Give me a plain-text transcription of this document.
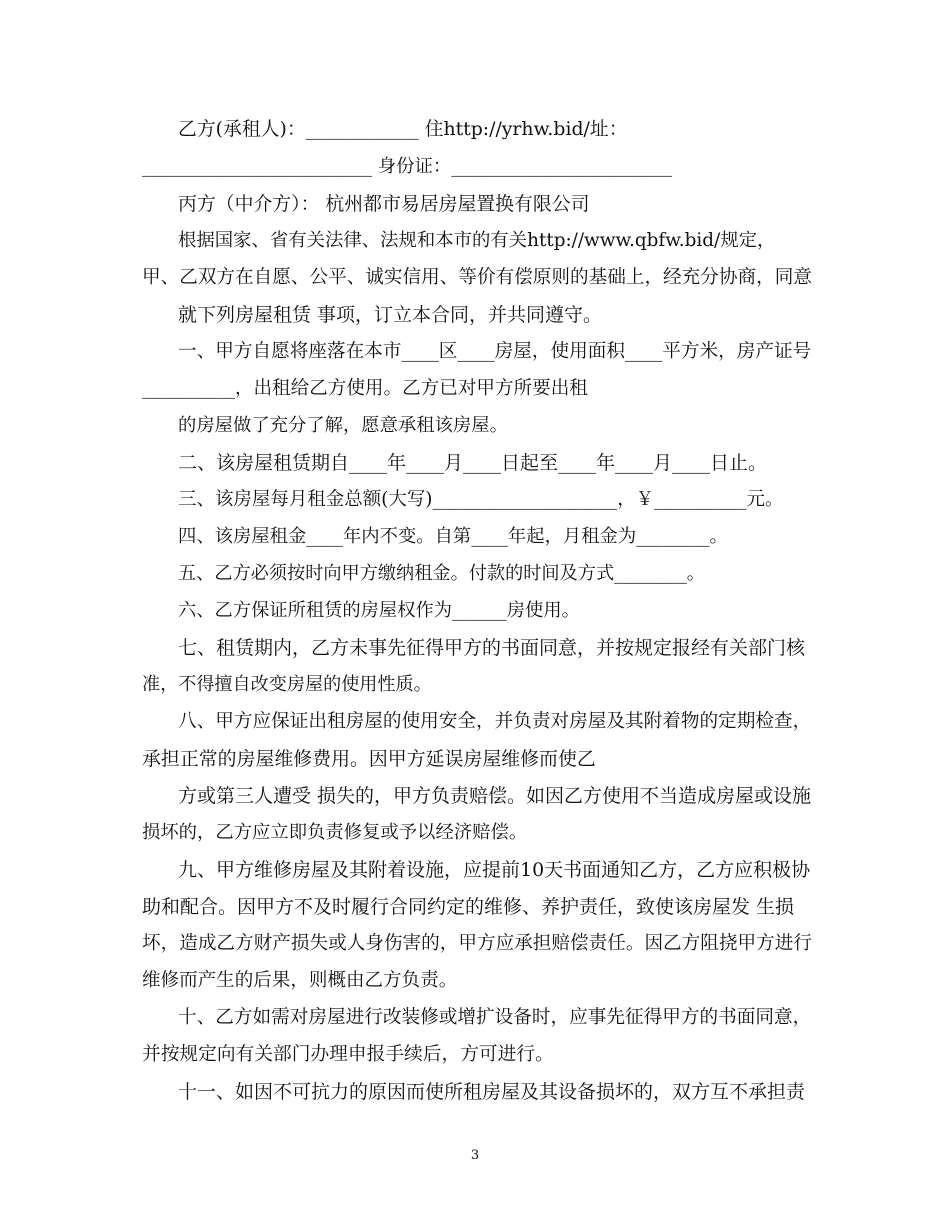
乙方(承租人)：____________ 住http://yrhw.bid/址：
_________________________ 身份证：________________________
丙方（中介方）： 杭州都市易居房屋置换有限公司
根据国家、省有关法律、法规和本市的有关http://www.qbfw.bid/规定，
甲、乙双方在自愿、公平、诚实信用、等价有偿原则的基础上，经充分协商，同意
就下列房屋租赁 事项，订立本合同，并共同遵守。
一、甲方自愿将座落在本市____区____房屋，使用面积____平方米，房产证号
__________，出租给乙方使用。乙方已对甲方所要出租
的房屋做了充分了解，愿意承租该房屋。
二、该房屋租赁期自____年____月____日起至____年____月____日止。
三、该房屋每月租金总额(大写)____________________，￥__________元。
四、该房屋租金____年内不变。自第____年起，月租金为________。
五、乙方必须按时向甲方缴纳租金。付款的时间及方式________。
六、乙方保证所租赁的房屋权作为______房使用。
七、租赁期内，乙方未事先征得甲方的书面同意，并按规定报经有关部门核
准，不得擅自改变房屋的使用性质。
八、甲方应保证出租房屋的使用安全，并负责对房屋及其附着物的定期检查，
承担正常的房屋维修费用。因甲方延误房屋维修而使乙
方或第三人遭受 损失的，甲方负责赔偿。如因乙方使用不当造成房屋或设施
损坏的，乙方应立即负责修复或予以经济赔偿。
九、甲方维修房屋及其附着设施，应提前10天书面通知乙方，乙方应积极协
助和配合。因甲方不及时履行合同约定的维修、养护责任，致使该房屋发 生损
坏，造成乙方财产损失或人身伤害的，甲方应承担赔偿责任。因乙方阻挠甲方进行
维修而产生的后果，则概由乙方负责。
十、乙方如需对房屋进行改装修或增扩设备时，应事先征得甲方的书面同意，
并按规定向有关部门办理申报手续后，方可进行。
十一、如因不可抗力的原因而使所租房屋及其设备损坏的，双方互不承担责
3
